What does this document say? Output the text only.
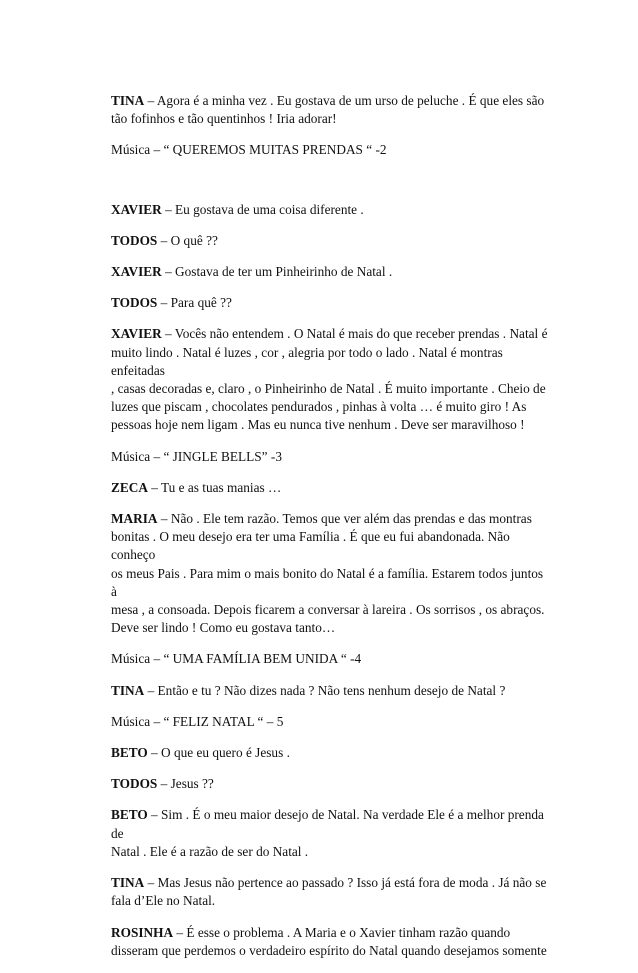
TINA – Agora é a minha vez . Eu gostava de um urso de peluche . É que eles são
tão fofinhos e tão quentinhos ! Iria adorar!

Música – “ QUEREMOS MUITAS PRENDAS “ -2

XAVIER – Eu gostava de uma coisa diferente .

TODOS – O quê ??

XAVIER – Gostava de ter um Pinheirinho de Natal .

TODOS – Para quê ??

XAVIER – Vocês não entendem . O Natal é mais do que receber prendas . Natal é
muito lindo . Natal é luzes , cor , alegria por todo o lado . Natal é montras enfeitadas
, casas decoradas e, claro , o Pinheirinho de Natal . É muito importante . Cheio de
luzes que piscam , chocolates pendurados , pinhas à volta … é muito giro ! As
pessoas hoje nem ligam . Mas eu nunca tive nenhum . Deve ser maravilhoso !

Música – “ JINGLE BELLS” -3

ZECA – Tu e as tuas manias …

MARIA – Não . Ele tem razão. Temos que ver além das prendas e das montras
bonitas . O meu desejo era ter uma Família . É que eu fui abandonada. Não conheço
os meus Pais . Para mim o mais bonito do Natal é a família. Estarem todos juntos à
mesa , a consoada. Depois ficarem a conversar à lareira . Os sorrisos , os abraços.
Deve ser lindo ! Como eu gostava tanto…

Música – “ UMA FAMÍLIA BEM UNIDA “ -4

TINA – Então e tu ? Não dizes nada ? Não tens nenhum desejo de Natal ?

Música – “ FELIZ NATAL “ – 5

BETO – O que eu quero é Jesus .

TODOS – Jesus ??

BETO – Sim . É o meu maior desejo de Natal. Na verdade Ele é a melhor prenda de
Natal . Ele é a razão de ser do Natal .

TINA – Mas Jesus não pertence ao passado ? Isso já está fora de moda . Já não se
fala d’Ele no Natal.

ROSINHA – É esse o problema . A Maria e o Xavier tinham razão quando
disseram que perdemos o verdadeiro espírito do Natal quando desejamos somente
